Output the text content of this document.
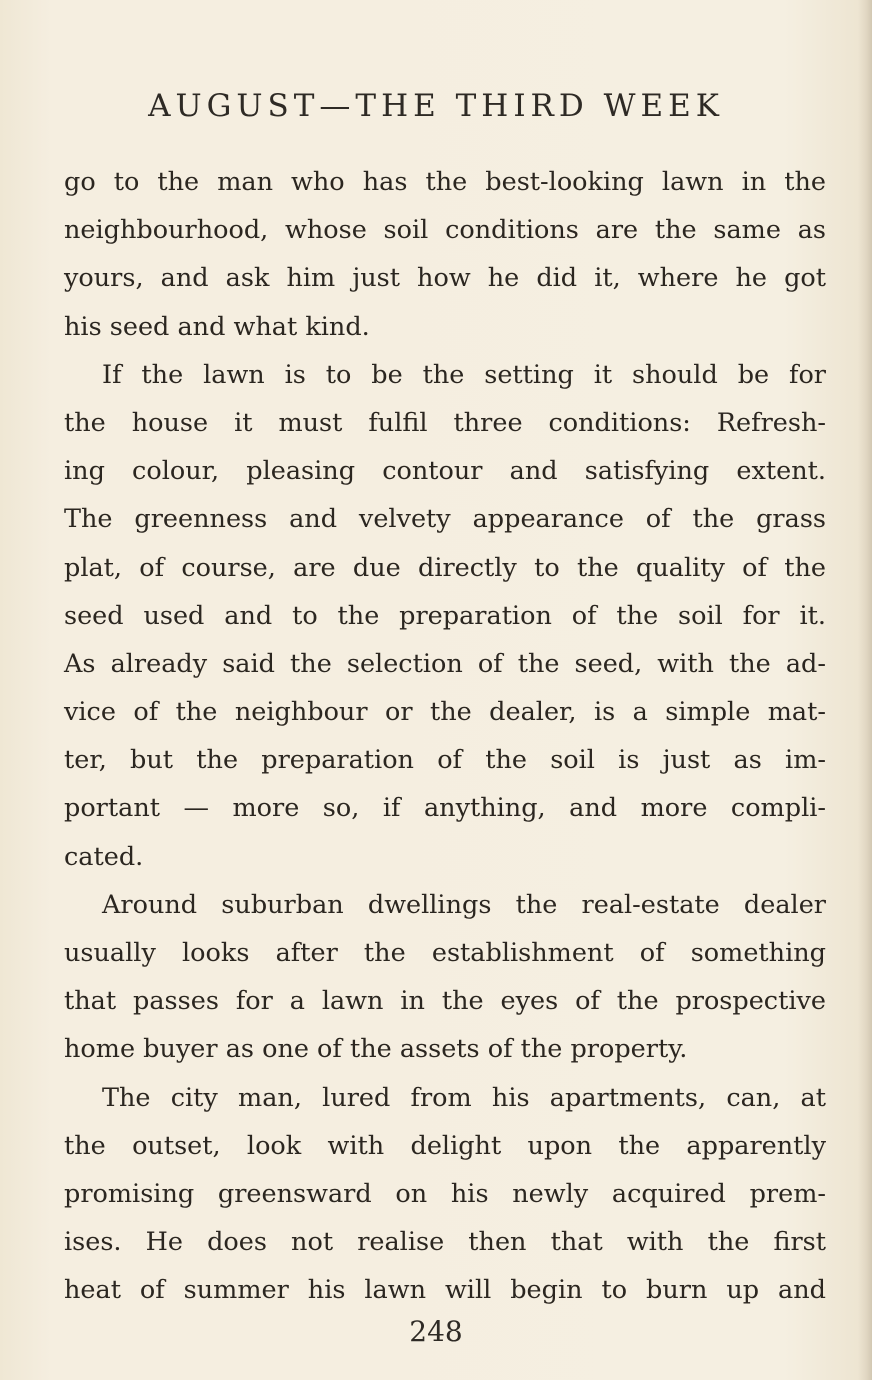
AUGUST—THE THIRD WEEK
go to the man who has the best-looking lawn in the
neighbourhood, whose soil conditions are the same as
yours, and ask him just how he did it, where he got
his seed and what kind.
If the lawn is to be the setting it should be for
the house it must fulfil three conditions: Refresh-
ing colour, pleasing contour and satisfying extent.
The greenness and velvety appearance of the grass
plat, of course, are due directly to the quality of the
seed used and to the preparation of the soil for it.
As already said the selection of the seed, with the ad-
vice of the neighbour or the dealer, is a simple mat-
ter, but the preparation of the soil is just as im-
portant — more so, if anything, and more compli-
cated.
Around suburban dwellings the real-estate dealer
usually looks after the establishment of something
that passes for a lawn in the eyes of the prospective
home buyer as one of the assets of the property.
The city man, lured from his apartments, can, at
the outset, look with delight upon the apparently
promising greensward on his newly acquired prem-
ises. He does not realise then that with the first
heat of summer his lawn will begin to burn up and
248
